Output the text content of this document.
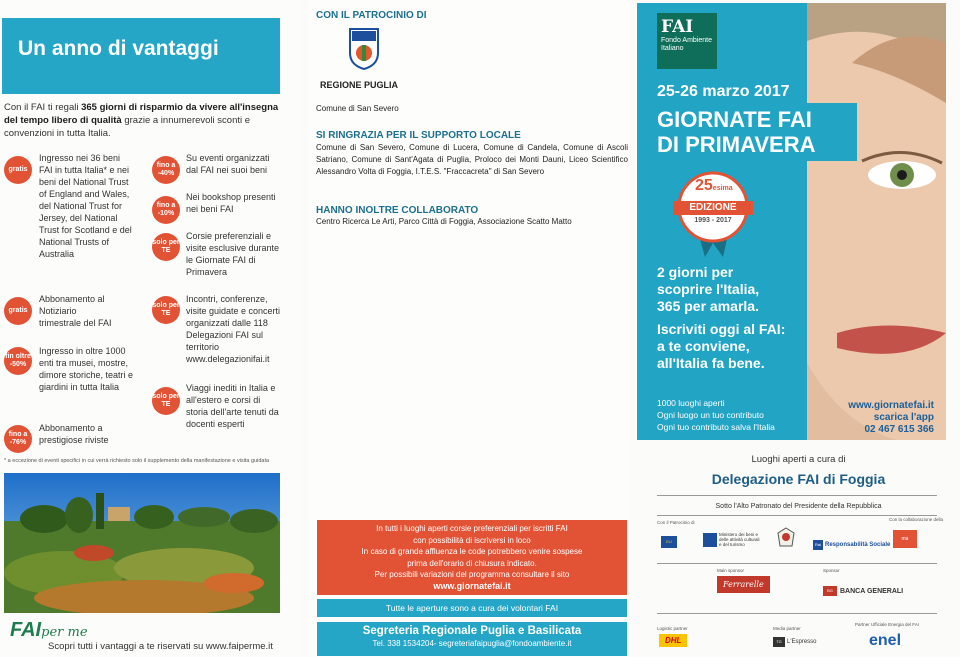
Un anno di vantaggi

Con il FAI ti regali 365 giorni di risparmio da vivere all'insegna del tempo libero di qualità grazie a innumerevoli sconti e convenzioni in tutta Italia.

gratis
Ingresso nei 36 beni FAI in tutta Italia* e nei beni del National Trust of England and Wales, del National Trust for Jersey, del National Trust for Scotland e del National Trusts of Australia
gratis
Abbonamento al Notiziario trimestrale del FAI
fin oltre -50%
Ingresso in oltre 1000 enti tra musei, mostre, dimore storiche, teatri e giardini in tutta Italia
fino a -76%
Abbonamento a prestigiose riviste
fino a -40%
Su eventi organizzati dal FAI nei suoi beni
fino a -10%
Nei bookshop presenti nei beni FAI
solo per TE
Corsie preferenziali e visite esclusive durante le Giornate FAI di Primavera
solo per TE
Incontri, conferenze, visite guidate e concerti organizzati dalle 118 Delegazioni FAI sul territorio www.delegazionifai.it
solo per TE
Viaggi inediti in Italia e all'estero e corsi di storia dell'arte tenuti da docenti esperti

* a eccezione di eventi specifici in cui verrà richiesto solo il supplemento della manifestazione e visita guidata

FAIper me
Scopri tutti i vantaggi a te riservati su www.faiperme.it
CON IL PATROCINIO DI
REGIONE PUGLIA
Comune di San Severo
SI RINGRAZIA PER IL SUPPORTO LOCALE
Comune di San Severo, Comune di Lucera, Comune di Candela, Comune di Ascoli Satriano, Comune di Sant'Agata di Puglia, Proloco dei Monti Dauni, Liceo Scientifico Alessandro Volta di Foggia, I.T.E.S. "Fraccacreta" di San Severo
HANNO INOLTRE COLLABORATO
Centro Ricerca Le Arti, Parco Città di Foggia, Associazione Scatto Matto
In tutti i luoghi aperti corsie preferenziali per iscritti FAI
con possibilità di iscriversi in loco
In caso di grande affluenza le code potrebbero venire sospese
prima dell'orario di chiusura indicato.
Per possibili variazioni del programma consultare il sito
www.giornatefai.it
Tutte le aperture sono a cura dei volontari FAI
Segreteria Regionale Puglia e Basilicata
Tel. 338 1534204- segreteriafaipuglia@fondoambiente.it
FAI
Fondo Ambiente Italiano
25-26 marzo 2017
GIORNATE FAI
DI PRIMAVERA
25esima
EDIZIONE
1993 - 2017
2 giorni per
scoprire l'Italia,
365 per amarla.
Iscriviti oggi al FAI:
a te conviene,
all'Italia fa bene.
1000 luoghi aperti
Ogni luogo un tuo contributo
Ogni tuo contributo salva l'Italia
www.giornatefai.it
scarica l'app
02 467 615 366
Luoghi aperti a cura di
Delegazione FAI di Foggia
Sotto l'Alto Patronato del Presidente della Repubblica
Con il Patrocinio di
Con la collaborazione della
EU
Ministero dei beni e delle attività culturali e del turismo	Rai Responsabilità Sociale
ma
Main sponsor	Sponsor
Ferrarelle
BG	BANCA GENERALI
Logistic partner	Media partner
Partner Ufficiale Energia del FAI
DHL	TG L'Espresso	enel
